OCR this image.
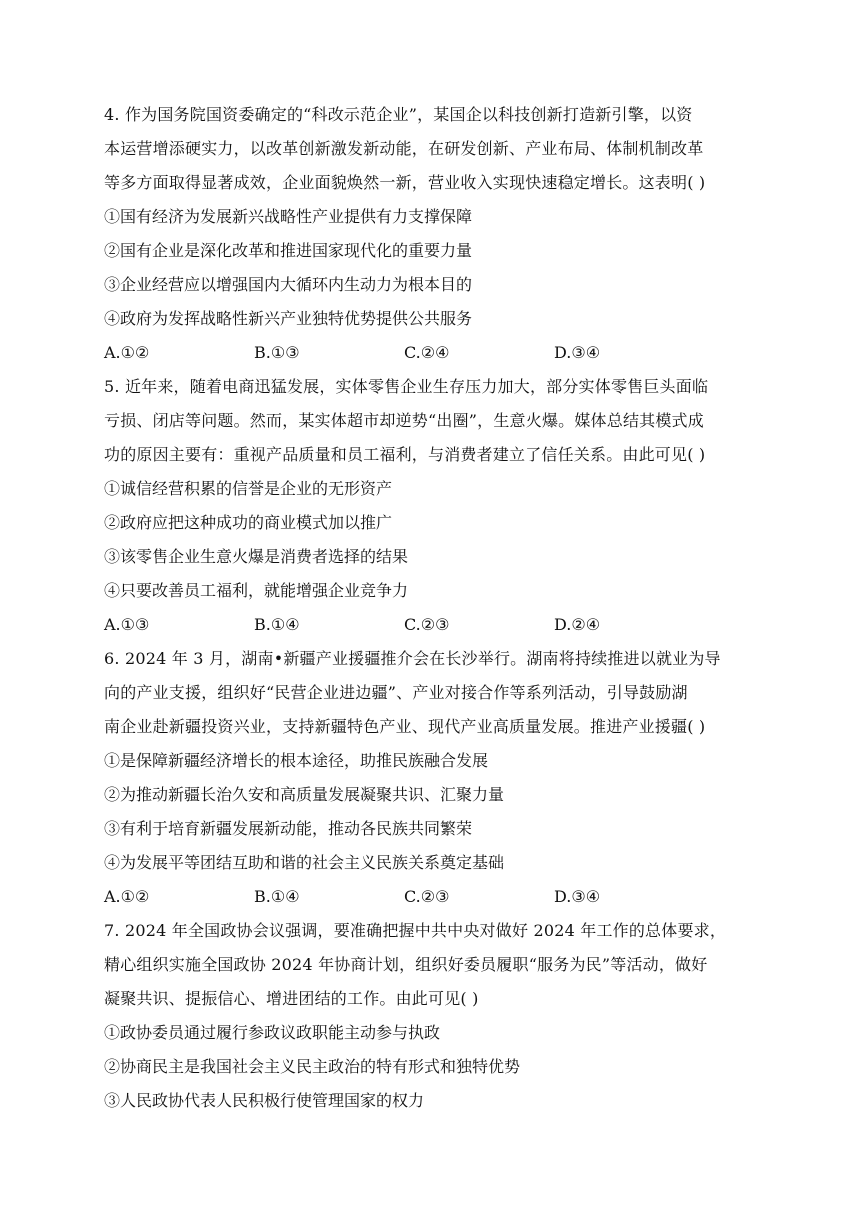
4. 作为国务院国资委确定的“科改示范企业”，某国企以科技创新打造新引擎，以资
本运营增添硬实力，以改革创新激发新动能，在研发创新、产业布局、体制机制改革
等多方面取得显著成效，企业面貌焕然一新，营业收入实现快速稳定增长。这表明( )
①国有经济为发展新兴战略性产业提供有力支撑保障
②国有企业是深化改革和推进国家现代化的重要力量
③企业经营应以增强国内大循环内生动力为根本目的
④政府为发挥战略性新兴产业独特优势提供公共服务
A.①②	B.①③	C.②④	D.③④
5. 近年来，随着电商迅猛发展，实体零售企业生存压力加大，部分实体零售巨头面临
亏损、闭店等问题。然而，某实体超市却逆势“出圈”，生意火爆。媒体总结其模式成
功的原因主要有：重视产品质量和员工福利，与消费者建立了信任关系。由此可见( )
①诚信经营积累的信誉是企业的无形资产
②政府应把这种成功的商业模式加以推广
③该零售企业生意火爆是消费者选择的结果
④只要改善员工福利，就能增强企业竞争力
A.①③	B.①④	C.②③	D.②④
6. 2024 年 3 月，湖南•新疆产业援疆推介会在长沙举行。湖南将持续推进以就业为导
向的产业支援，组织好“民营企业进边疆”、产业对接合作等系列活动，引导鼓励湖
南企业赴新疆投资兴业，支持新疆特色产业、现代产业高质量发展。推进产业援疆( )
①是保障新疆经济增长的根本途径，助推民族融合发展
②为推动新疆长治久安和高质量发展凝聚共识、汇聚力量
③有利于培育新疆发展新动能，推动各民族共同繁荣
④为发展平等团结互助和谐的社会主义民族关系奠定基础
A.①②	B.①④	C.②③	D.③④
7. 2024 年全国政协会议强调，要准确把握中共中央对做好 2024 年工作的总体要求，
精心组织实施全国政协 2024 年协商计划，组织好委员履职“服务为民”等活动，做好
凝聚共识、提振信心、增进团结的工作。由此可见( )
①政协委员通过履行参政议政职能主动参与执政
②协商民主是我国社会主义民主政治的特有形式和独特优势
③人民政协代表人民积极行使管理国家的权力
